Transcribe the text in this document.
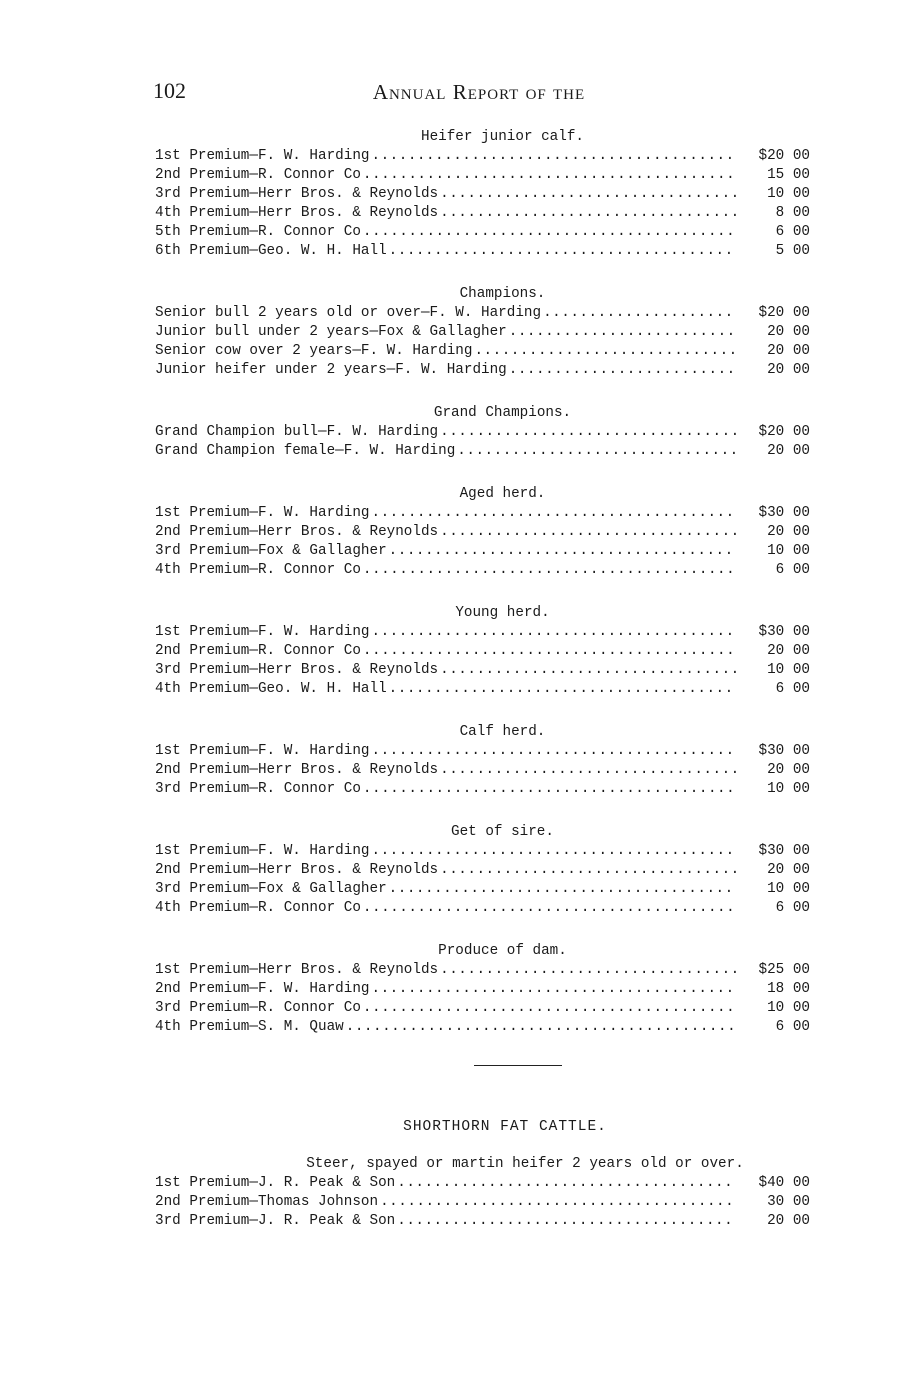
102	Annual Report of the
Heifer junior calf.
1st Premium—F. W. Harding .....	$20 00
2nd Premium—R. Connor Co .....	15 00
3rd Premium—Herr Bros. & Reynolds .....	10 00
4th Premium—Herr Bros. & Reynolds .....	8 00
5th Premium—R. Connor Co .....	6 00
6th Premium—Geo. W. H. Hall .....	5 00
Champions.
Senior bull 2 years old or over—F. W. Harding .....	$20 00
Junior bull under 2 years—Fox & Gallagher .....	20 00
Senior cow over 2 years—F. W. Harding .....	20 00
Junior heifer under 2 years—F. W. Harding .....	20 00
Grand Champions.
Grand Champion bull—F. W. Harding .....	$20 00
Grand Champion female—F. W. Harding .....	20 00
Aged herd.
1st Premium—F. W. Harding .....	$30 00
2nd Premium—Herr Bros. & Reynolds .....	20 00
3rd Premium—Fox & Gallagher .....	10 00
4th Premium—R. Connor Co .....	6 00
Young herd.
1st Premium—F. W. Harding .....	$30 00
2nd Premium—R. Connor Co .....	20 00
3rd Premium—Herr Bros. & Reynolds .....	10 00
4th Premium—Geo. W. H. Hall .....	6 00
Calf herd.
1st Premium—F. W. Harding .....	$30 00
2nd Premium—Herr Bros. & Reynolds .....	20 00
3rd Premium—R. Connor Co .....	10 00
Get of sire.
1st Premium—F. W. Harding .....	$30 00
2nd Premium—Herr Bros. & Reynolds .....	20 00
3rd Premium—Fox & Gallagher .....	10 00
4th Premium—R. Connor Co .....	6 00
Produce of dam.
1st Premium—Herr Bros. & Reynolds .....	$25 00
2nd Premium—F. W. Harding .....	18 00
3rd Premium—R. Connor Co .....	10 00
4th Premium—S. M. Quaw .....	6 00
SHORTHORN FAT CATTLE.
Steer, spayed or martin heifer 2 years old or over.
1st Premium—J. R. Peak & Son .....	$40 00
2nd Premium—Thomas Johnson .....	30 00
3rd Premium—J. R. Peak & Son .....	20 00
